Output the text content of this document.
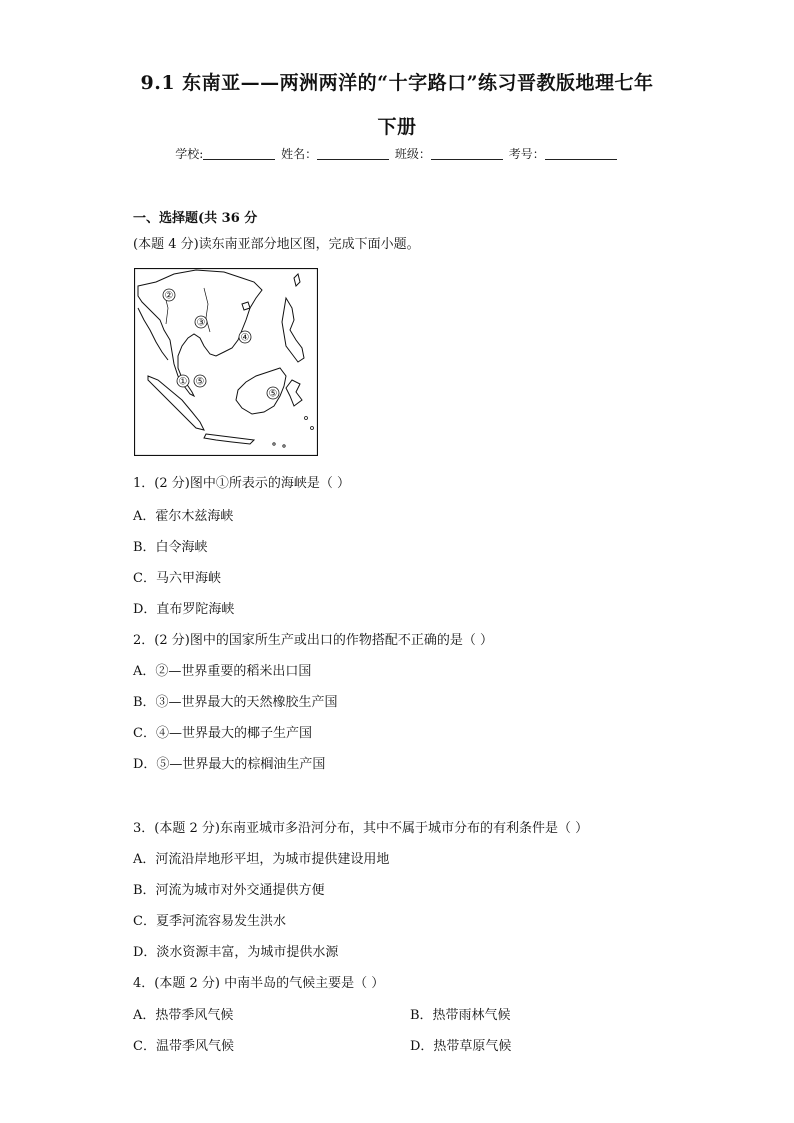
9.1 东南亚——两洲两洋的“十字路口”练习晋教版地理七年
下册
学校:	姓名：	班级：	考号：
一、选择题(共 36 分
(本题 4 分)读东南亚部分地区图，完成下面小题。
②
③
④
① ⑤
⑤
1．(2 分)图中①所表示的海峡是（ ）
A．霍尔木兹海峡
B．白令海峡
C．马六甲海峡
D．直布罗陀海峡
2．(2 分)图中的国家所生产或出口的作物搭配不正确的是（ ）
A．②—世界重要的稻米出口国
B．③—世界最大的天然橡胶生产国
C．④—世界最大的椰子生产国
D．⑤—世界最大的棕榈油生产国
3．(本题 2 分)东南亚城市多沿河分布，其中不属于城市分布的有利条件是（ ）
A．河流沿岸地形平坦，为城市提供建设用地
B．河流为城市对外交通提供方便
C．夏季河流容易发生洪水
D．淡水资源丰富，为城市提供水源
4．(本题 2 分) 中南半岛的气候主要是（ ）
A．热带季风气候	B．热带雨林气候
C．温带季风气候	D．热带草原气候
